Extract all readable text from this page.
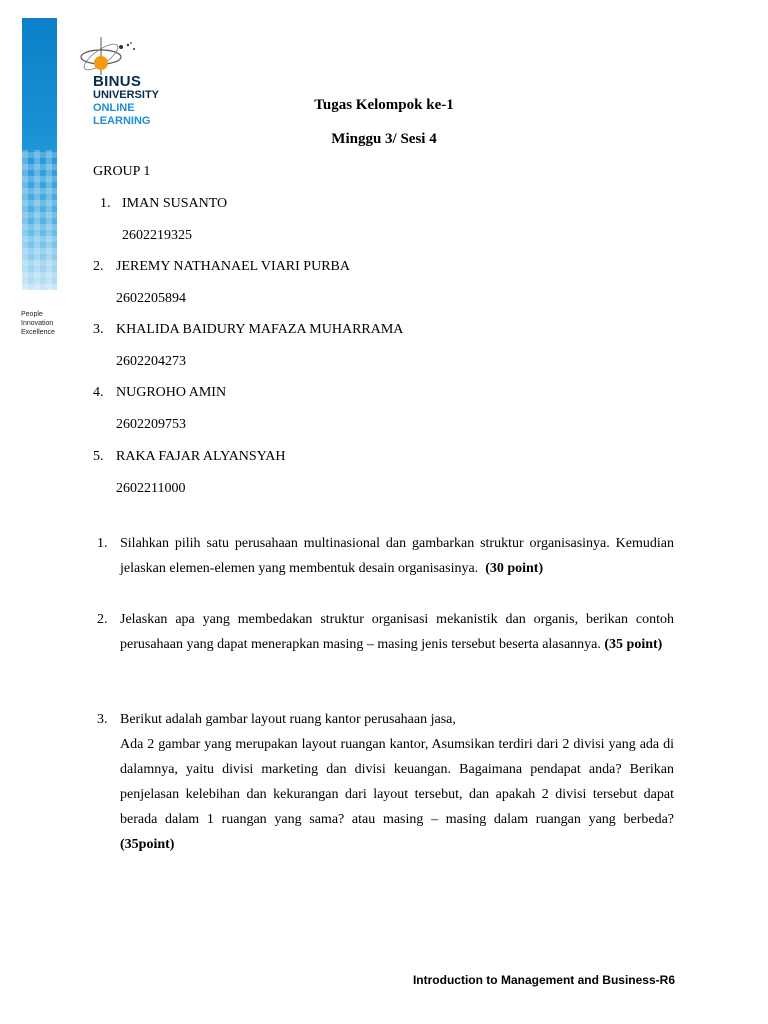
People
Innovation
Excellence
BINUS
UNIVERSITY
ONLINE
LEARNING
Tugas Kelompok ke-1
Minggu 3/ Sesi 4
GROUP 1
1. IMAN SUSANTO
2602219325
2. JEREMY NATHANAEL VIARI PURBA
2602205894
3. KHALIDA BAIDURY MAFAZA MUHARRAMA
2602204273
4. NUGROHO AMIN
2602209753
5. RAKA FAJAR ALYANSYAH
2602211000
1. Silahkan pilih satu perusahaan multinasional dan gambarkan struktur organisasinya. Kemudian jelaskan elemen-elemen yang membentuk desain organisasinya. (30 point)
2. Jelaskan apa yang membedakan struktur organisasi mekanistik dan organis, berikan contoh perusahaan yang dapat menerapkan masing – masing jenis tersebut beserta alasannya. (35 point)
3. Berikut adalah gambar layout ruang kantor perusahaan jasa,
Ada 2 gambar yang merupakan layout ruangan kantor, Asumsikan terdiri dari 2 divisi yang ada di dalamnya, yaitu divisi marketing dan divisi keuangan. Bagaimana pendapat anda? Berikan penjelasan kelebihan dan kekurangan dari layout tersebut, dan apakah 2 divisi tersebut dapat berada dalam 1 ruangan yang sama? atau masing – masing dalam ruangan yang berbeda? (35point)
Introduction to Management and Business-R6
